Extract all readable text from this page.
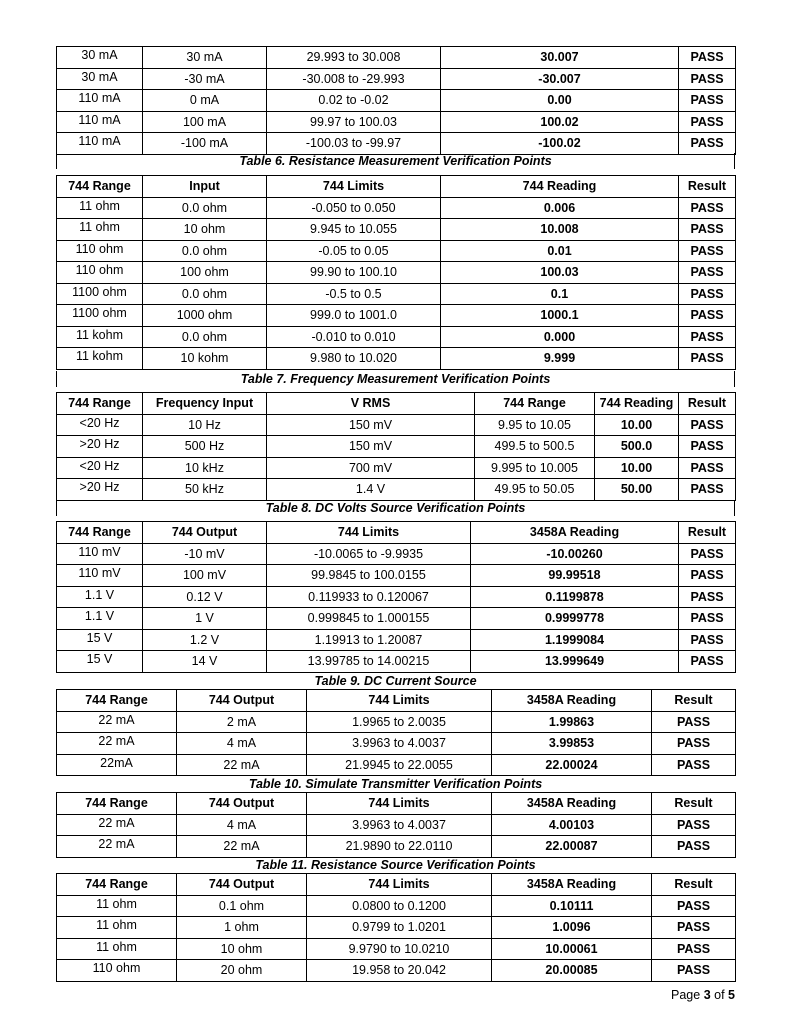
30 mA	30 mA	29.993 to 30.008	30.007	PASS
30 mA	-30 mA	-30.008 to -29.993	-30.007	PASS
110 mA	0 mA	0.02 to -0.02	0.00	PASS
110 mA	100 mA	99.97 to 100.03	100.02	PASS
110 mA	-100 mA	-100.03 to -99.97	-100.02	PASS
Table 6. Resistance Measurement Verification Points
744 Range	Input	744 Limits	744 Reading	Result
11 ohm	0.0 ohm	-0.050 to 0.050	0.006	PASS
11 ohm	10 ohm	9.945 to 10.055	10.008	PASS
110 ohm	0.0 ohm	-0.05 to 0.05	0.01	PASS
110 ohm	100 ohm	99.90 to 100.10	100.03	PASS
1100 ohm	0.0 ohm	-0.5 to 0.5	0.1	PASS
1100 ohm	1000 ohm	999.0 to 1001.0	1000.1	PASS
11 kohm	0.0 ohm	-0.010 to 0.010	0.000	PASS
11 kohm	10 kohm	9.980 to 10.020	9.999	PASS
Table 7. Frequency Measurement Verification Points
744 Range	Frequency Input	V RMS	744 Range	744 Reading	Result
<20 Hz	10 Hz	150 mV	9.95 to 10.05	10.00	PASS
>20 Hz	500 Hz	150 mV	499.5 to 500.5	500.0	PASS
<20 Hz	10 kHz	700 mV	9.995 to 10.005	10.00	PASS
>20 Hz	50 kHz	1.4 V	49.95 to 50.05	50.00	PASS
Table 8. DC Volts Source Verification Points
744 Range	744 Output	744 Limits	3458A Reading	Result
110 mV	-10 mV	-10.0065 to -9.9935	-10.00260	PASS
110 mV	100 mV	99.9845 to 100.0155	99.99518	PASS
1.1 V	0.12 V	0.119933 to 0.120067	0.1199878	PASS
1.1 V	1 V	0.999845 to 1.000155	0.9999778	PASS
15 V	1.2 V	1.19913 to 1.20087	1.1999084	PASS
15 V	14 V	13.99785 to 14.00215	13.999649	PASS
Table 9. DC Current Source
744 Range	744 Output	744 Limits	3458A Reading	Result
22 mA	2 mA	1.9965 to 2.0035	1.99863	PASS
22 mA	4 mA	3.9963 to 4.0037	3.99853	PASS
22mA	22 mA	21.9945 to 22.0055	22.00024	PASS
Table 10. Simulate Transmitter Verification Points
744 Range	744 Output	744 Limits	3458A Reading	Result
22 mA	4 mA	3.9963 to 4.0037	4.00103	PASS
22 mA	22 mA	21.9890 to 22.0110	22.00087	PASS
Table 11. Resistance Source Verification Points
744 Range	744 Output	744 Limits	3458A Reading	Result
11 ohm	0.1 ohm	0.0800 to 0.1200	0.10111	PASS
11 ohm	1 ohm	0.9799 to 1.0201	1.0096	PASS
11 ohm	10 ohm	9.9790 to 10.0210	10.00061	PASS
110 ohm	20 ohm	19.958 to 20.042	20.00085	PASS
Page 3 of 5
